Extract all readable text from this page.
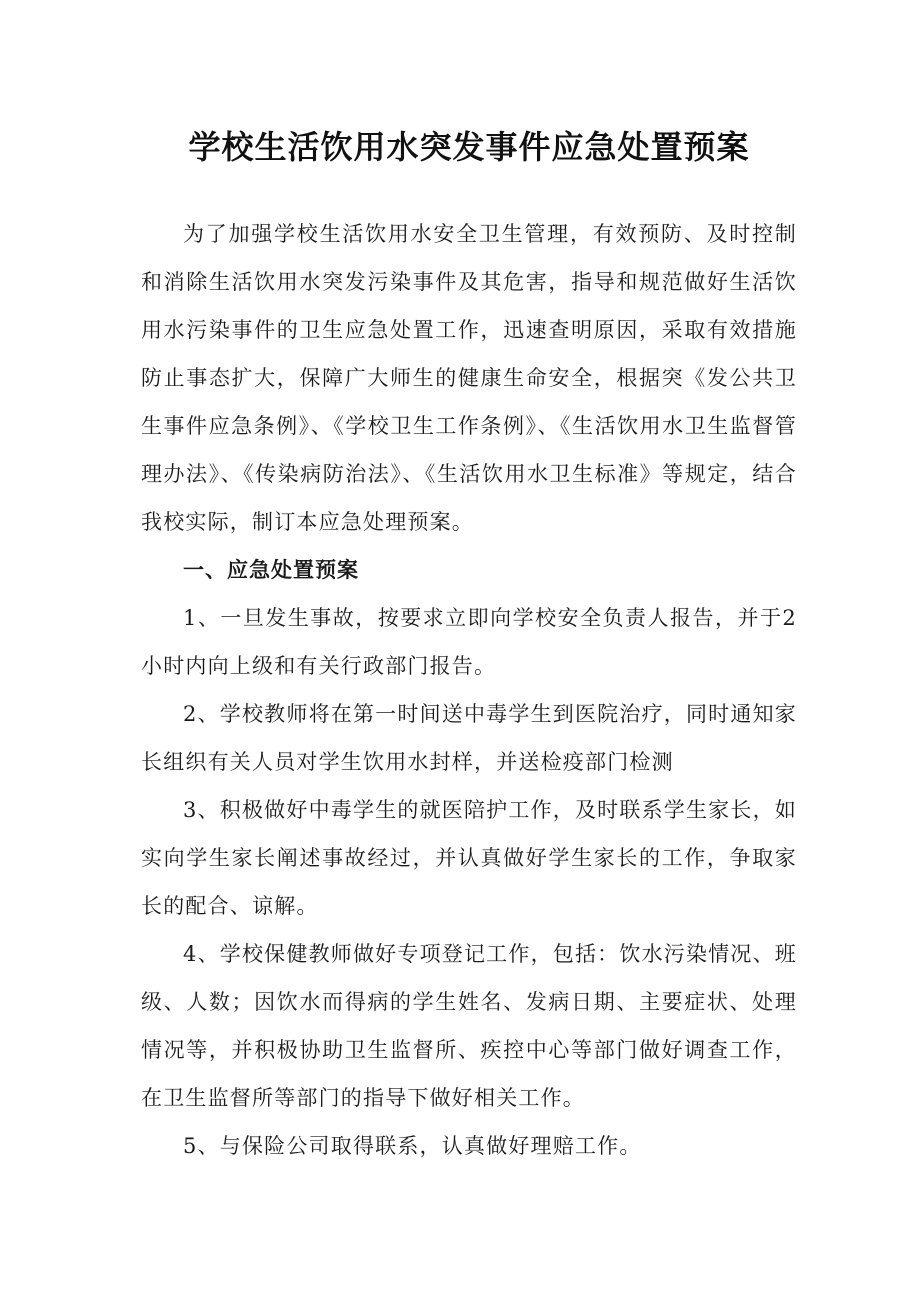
学校生活饮用水突发事件应急处置预案

为了加强学校生活饮用水安全卫生管理，有效预防、及时控制和消除生活饮用水突发污染事件及其危害，指导和规范做好生活饮用水污染事件的卫生应急处置工作，迅速查明原因，采取有效措施防止事态扩大，保障广大师生的健康生命安全，根据突《发公共卫生事件应急条例》、《学校卫生工作条例》、《生活饮用水卫生监督管理办法》、《传染病防治法》、《生活饮用水卫生标准》等规定，结合我校实际，制订本应急处理预案。

一、应急处置预案

1、一旦发生事故，按要求立即向学校安全负责人报告，并于2小时内向上级和有关行政部门报告。

2、学校教师将在第一时间送中毒学生到医院治疗，同时通知家长组织有关人员对学生饮用水封样，并送检疫部门检测

3、积极做好中毒学生的就医陪护工作，及时联系学生家长，如实向学生家长阐述事故经过，并认真做好学生家长的工作，争取家长的配合、谅解。

4、学校保健教师做好专项登记工作，包括：饮水污染情况、班级、人数；因饮水而得病的学生姓名、发病日期、主要症状、处理情况等，并积极协助卫生监督所、疾控中心等部门做好调查工作，在卫生监督所等部门的指导下做好相关工作。

5、与保险公司取得联系，认真做好理赔工作。
